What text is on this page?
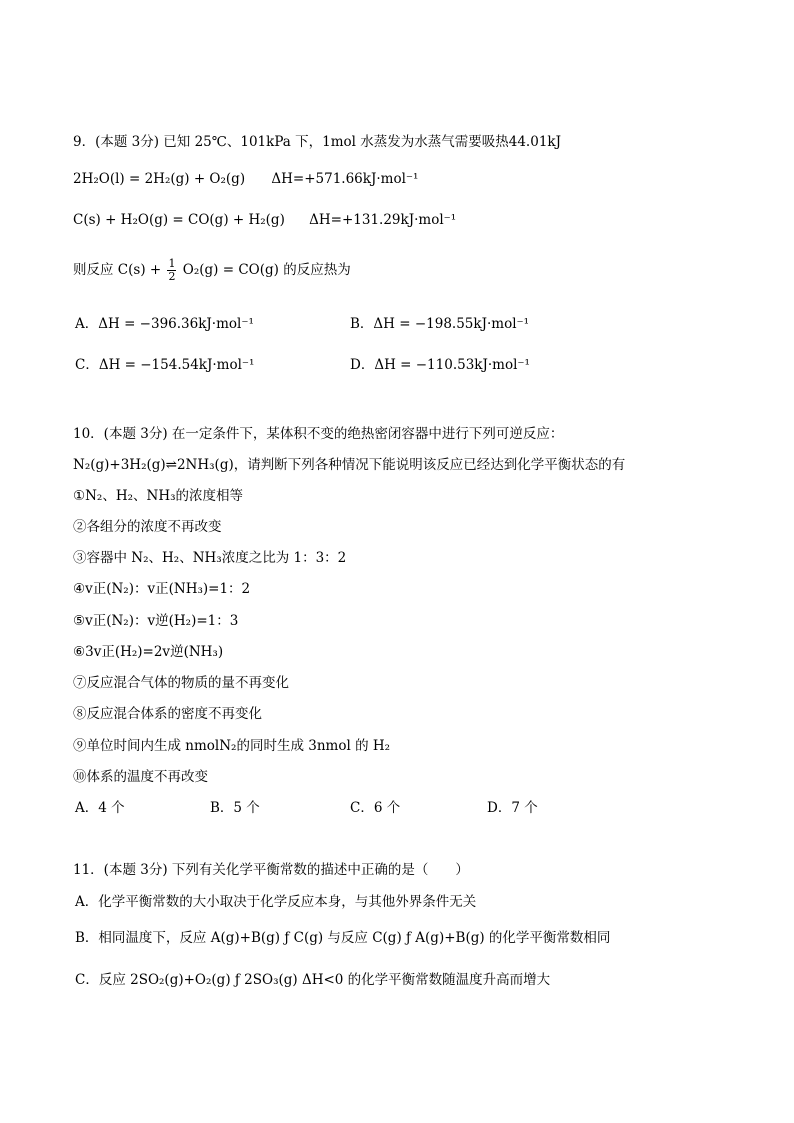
9．(本题 3分) 已知 25℃、101kPa 下，1mol 水蒸发为水蒸气需要吸热44.01kJ
2H₂O(l) = 2H₂(g) + O₂(g) ΔH=+571.66kJ·mol⁻¹
C(s) + H₂O(g) = CO(g) + H₂(g) ΔH=+131.29kJ·mol⁻¹
则反应 $C(s) + \frac{1}{2} O_2(g) = CO(g)$ 的反应热为
A．ΔH = −396.36kJ·mol⁻¹	B．ΔH = −198.55kJ·mol⁻¹
C．ΔH = −154.54kJ·mol⁻¹	D．ΔH = −110.53kJ·mol⁻¹
10．(本题 3分) 在一定条件下，某体积不变的绝热密闭容器中进行下列可逆反应：
N₂(g)+3H₂(g)⇌2NH₃(g)，请判断下列各种情况下能说明该反应已经达到化学平衡状态的有
①N₂、H₂、NH₃的浓度相等
②各组分的浓度不再改变
③容器中 N₂、H₂、NH₃浓度之比为 1：3：2
④v正(N₂)：v正(NH₃)=1：2
⑤v正(N₂)：v逆(H₂)=1：3
⑥3v正(H₂)=2v逆(NH₃)
⑦反应混合气体的物质的量不再变化
⑧反应混合体系的密度不再变化
⑨单位时间内生成 nmolN₂的同时生成 3nmol 的 H₂
⑩体系的温度不再改变
A．4 个	B．5 个	C．6 个	D．7 个
11．(本题 3分) 下列有关化学平衡常数的描述中正确的是（　　）
A．化学平衡常数的大小取决于化学反应本身，与其他外界条件无关
B．相同温度下，反应 A(g)+B(g) ƒ C(g) 与反应 C(g) ƒ A(g)+B(g) 的化学平衡常数相同
C．反应 2SO₂(g)+O₂(g) ƒ 2SO₃(g) ΔH<0 的化学平衡常数随温度升高而增大
